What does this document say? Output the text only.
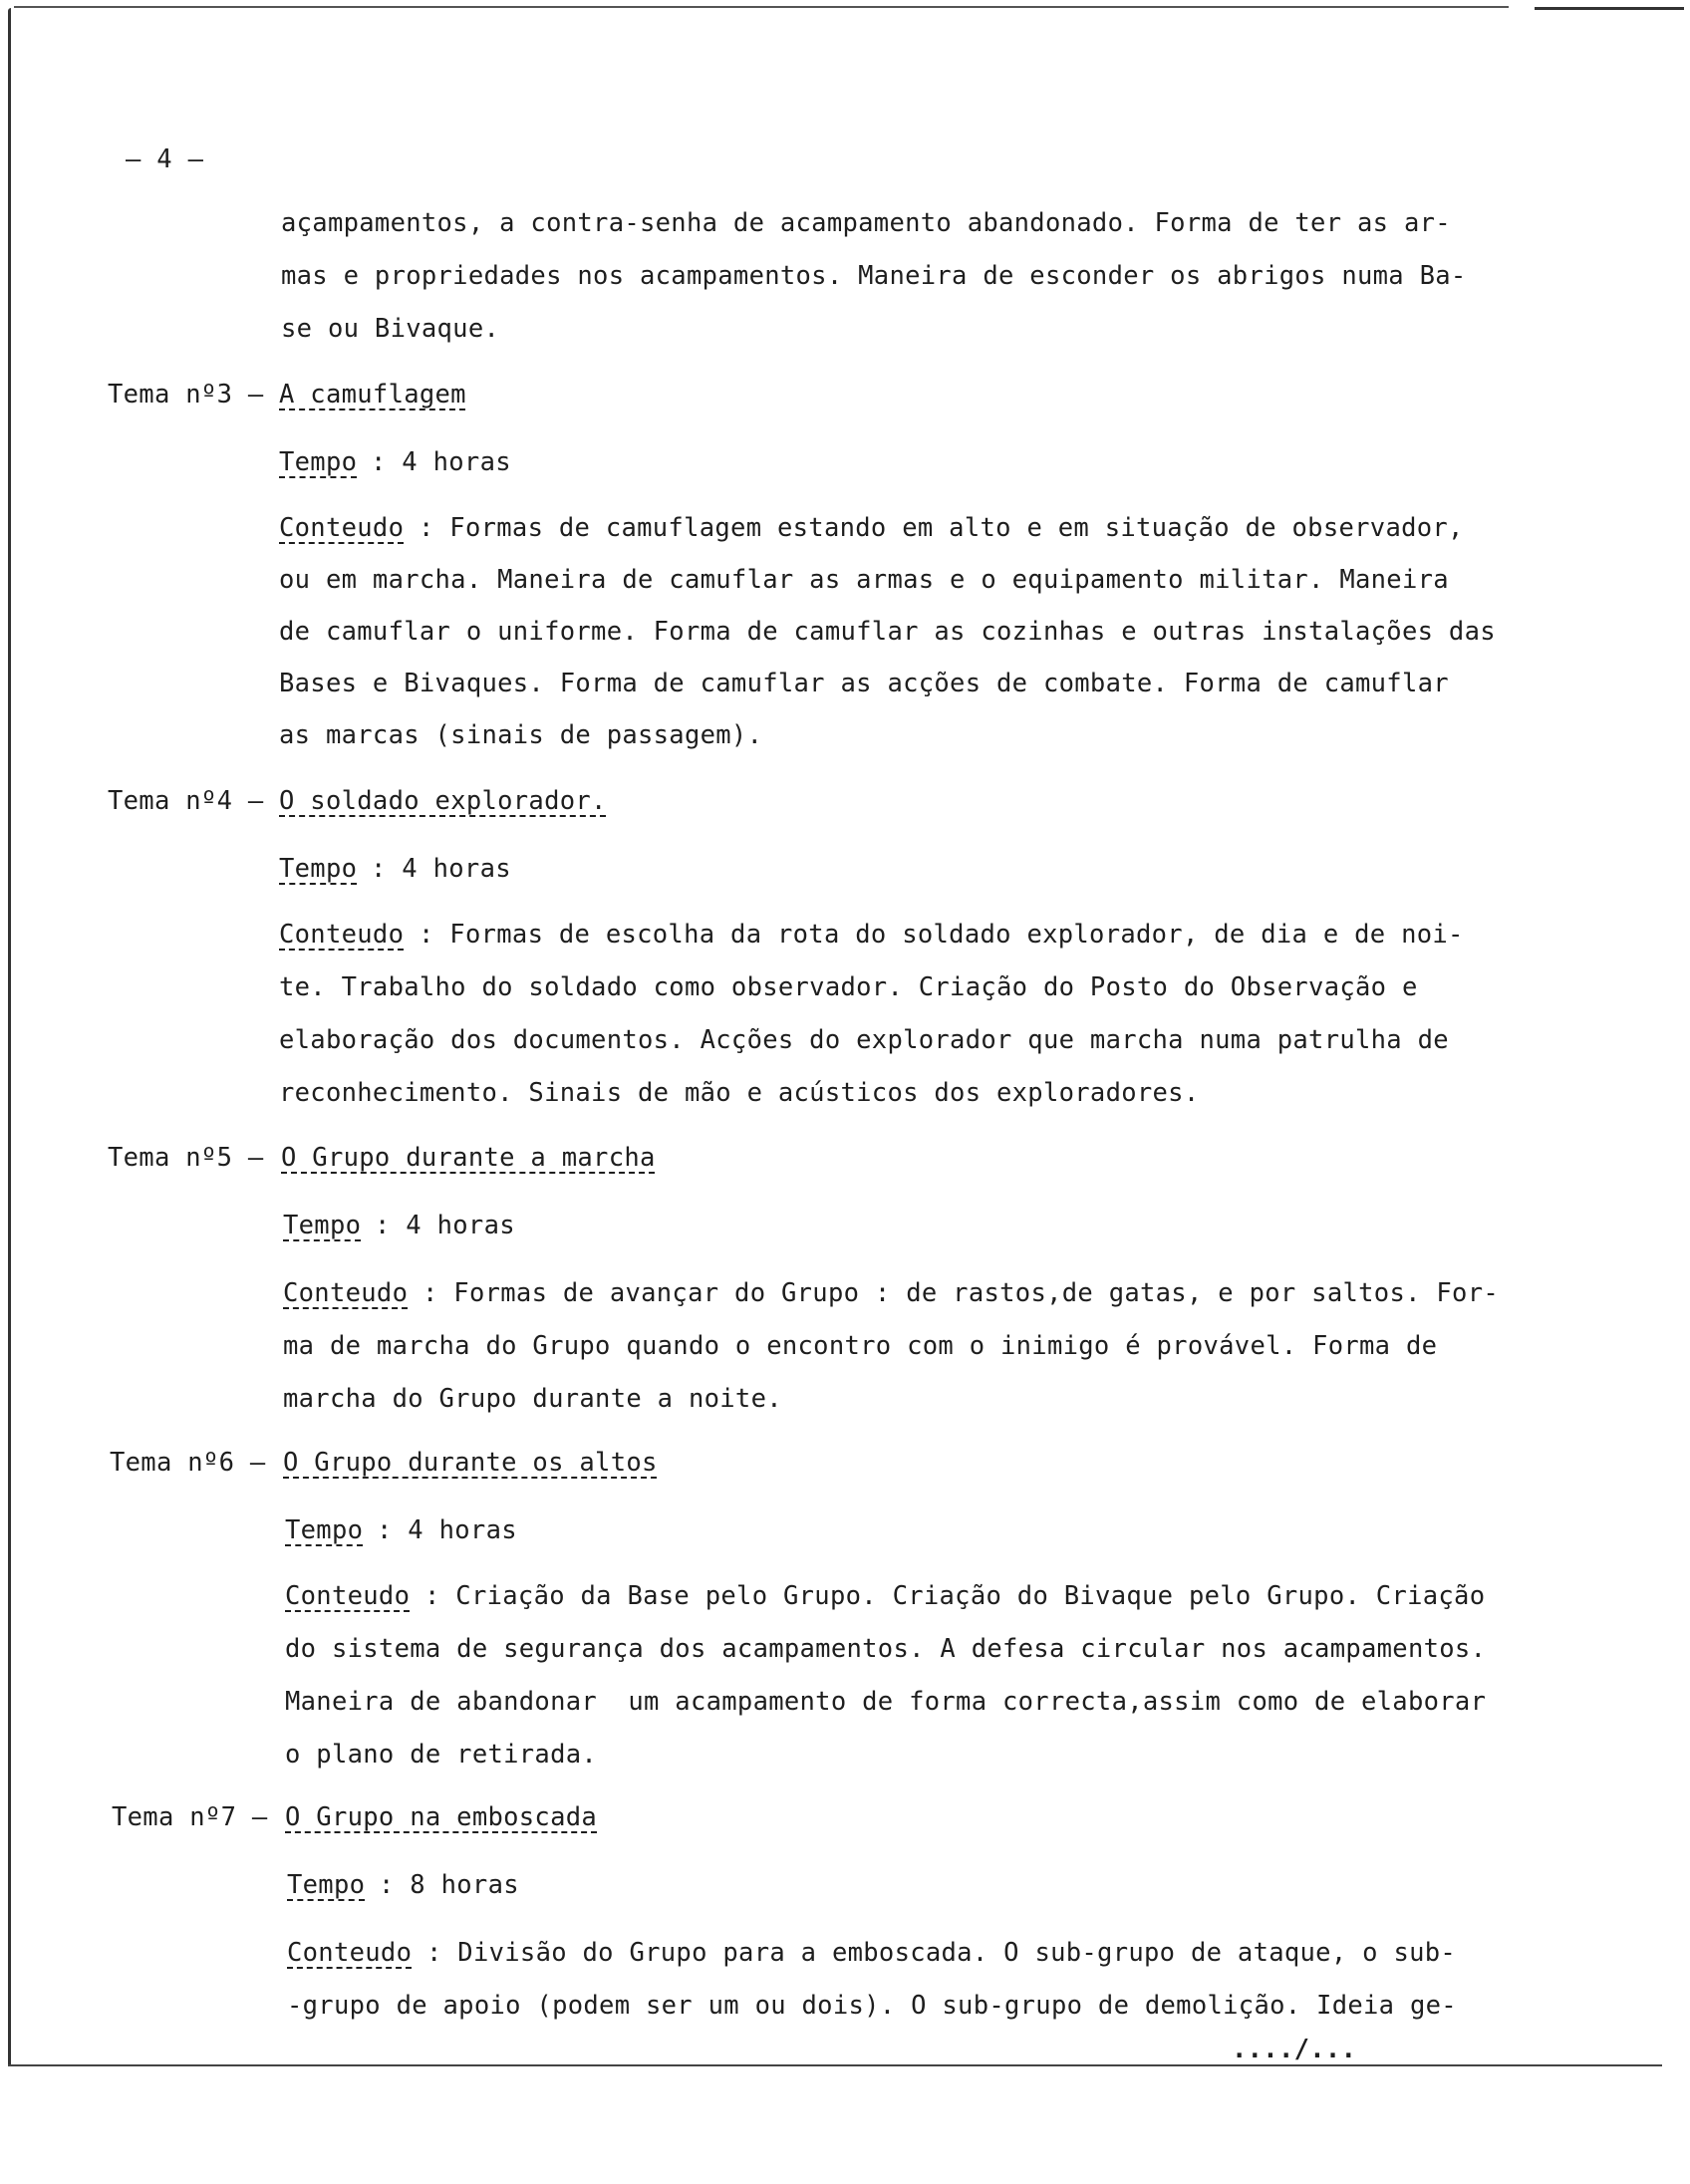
– 4 –
açampamentos, a contra-senha de acampamento abandonado. Forma de ter as ar-
mas e propriedades nos acampamentos. Maneira de esconder os abrigos numa Ba-
se ou Bivaque.
Tema nº3 – A camuflagem
Tempo : 4 horas
Conteudo : Formas de camuflagem estando em alto e em situação de observador,
ou em marcha. Maneira de camuflar as armas e o equipamento militar. Maneira
de camuflar o uniforme. Forma de camuflar as cozinhas e outras instalações das
Bases e Bivaques. Forma de camuflar as acções de combate. Forma de camuflar
as marcas (sinais de passagem).
Tema nº4 – O soldado explorador.
Tempo : 4 horas
Conteudo : Formas de escolha da rota do soldado explorador, de dia e de noi-
te. Trabalho do soldado como observador. Criação do Posto do Observação e
elaboração dos documentos. Acções do explorador que marcha numa patrulha de
reconhecimento. Sinais de mão e acústicos dos exploradores.
Tema nº5 – O Grupo durante a marcha
Tempo : 4 horas
Conteudo : Formas de avançar do Grupo : de rastos,de gatas, e por saltos. For-
ma de marcha do Grupo quando o encontro com o inimigo é provável. Forma de
marcha do Grupo durante a noite.
Tema nº6 – O Grupo durante os altos
Tempo : 4 horas
Conteudo : Criação da Base pelo Grupo. Criação do Bivaque pelo Grupo. Criação
do sistema de segurança dos acampamentos. A defesa circular nos acampamentos.
Maneira de abandonar  um acampamento de forma correcta,assim como de elaborar
o plano de retirada.
Tema nº7 – O Grupo na emboscada
Tempo : 8 horas
Conteudo : Divisão do Grupo para a emboscada. O sub-grupo de ataque, o sub-
-grupo de apoio (podem ser um ou dois). O sub-grupo de demolição. Ideia ge-
..../...
